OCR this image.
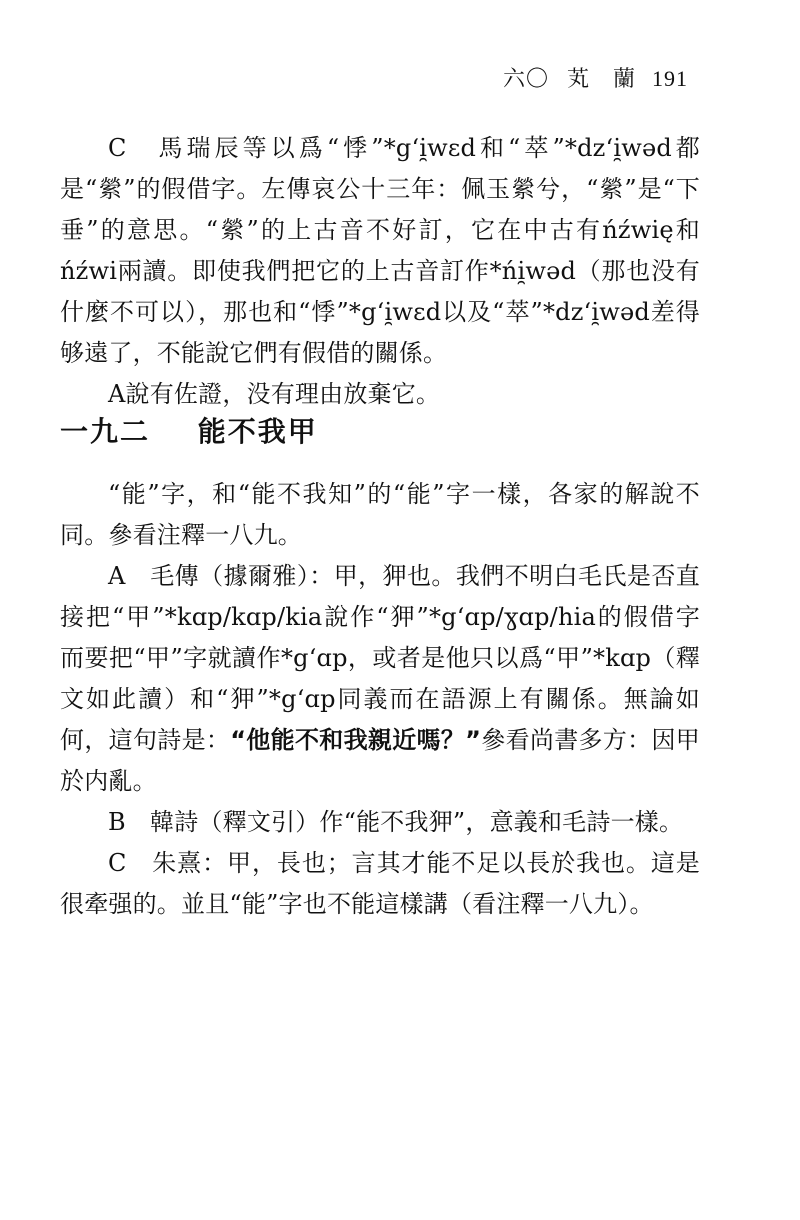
六〇 芄　蘭 191

C　馬瑞辰等以爲“悸”*gʻi̯wɛd和“萃”*dzʻi̯wəd都是“縈”的假借字。左傳哀公十三年：佩玉縈兮，“縈”是“下垂”的意思。“縈”的上古音不好訂，它在中古有ńźwię和ńźwi兩讀。即使我們把它的上古音訂作*ńi̯wəd（那也没有什麼不可以），那也和“悸”*gʻi̯wɛd以及“萃”*dzʻi̯wəd差得够遠了，不能說它們有假借的關係。

A說有佐證，没有理由放棄它。

一九二 能不我甲

“能”字，和“能不我知”的“能”字一樣，各家的解說不同。參看注釋一八九。

A　毛傳（據爾雅）：甲，狎也。我們不明白毛氏是否直接把“甲”*kɑp/kɑp/kia說作“狎”*gʻɑp/ɣɑp/hia的假借字而要把“甲”字就讀作*gʻɑp，或者是他只以爲“甲”*kɑp（釋文如此讀）和“狎”*gʻɑp同義而在語源上有關係。無論如何，這句詩是：“他能不和我親近嗎？”參看尚書多方：因甲於内亂。

B　韓詩（釋文引）作“能不我狎”，意義和毛詩一樣。

C　朱熹：甲，長也；言其才能不足以長於我也。這是很牽强的。並且“能”字也不能這樣講（看注釋一八九）。
